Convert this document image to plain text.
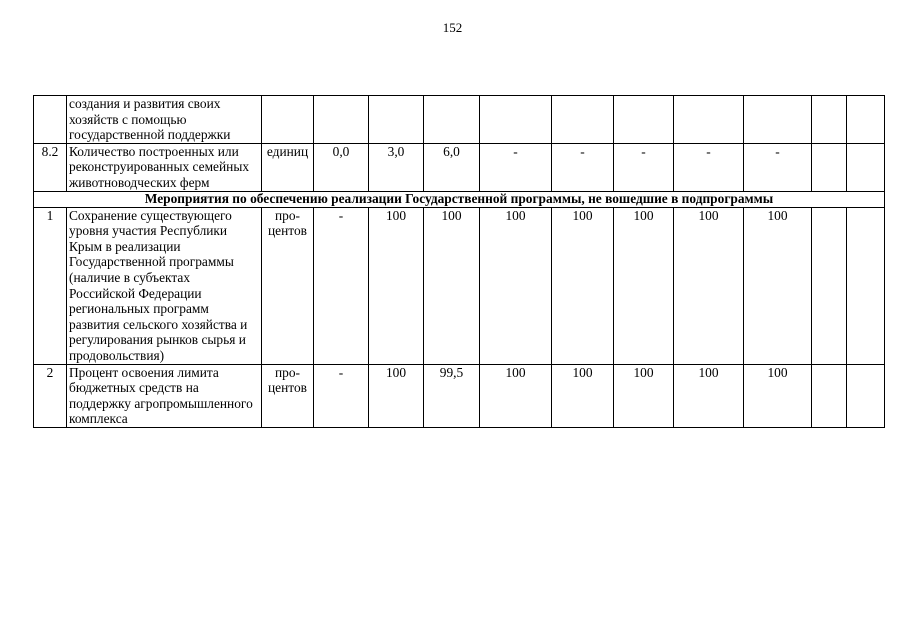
152
	создания и развития своих хозяйств с помощью государственной поддержки											
8.2	Количество построенных или реконструированных семейных животноводческих ферм	единиц	0,0	3,0	6,0	-	-	-	-	-		
Мероприятия по обеспечению реализации Государственной программы, не вошедшие в подпрограммы												
1	Сохранение существующего уровня участия Республики Крым в реализации Государственной программы (наличие в субъектах Российской Федерации региональных программ развития сельского хозяйства и регулирования рынков сырья и продовольствия)	про-центов	-	100	100	100	100	100	100	100		
2	Процент освоения лимита бюджетных средств на поддержку агропромышленного комплекса	про-центов	-	100	99,5	100	100	100	100	100		
